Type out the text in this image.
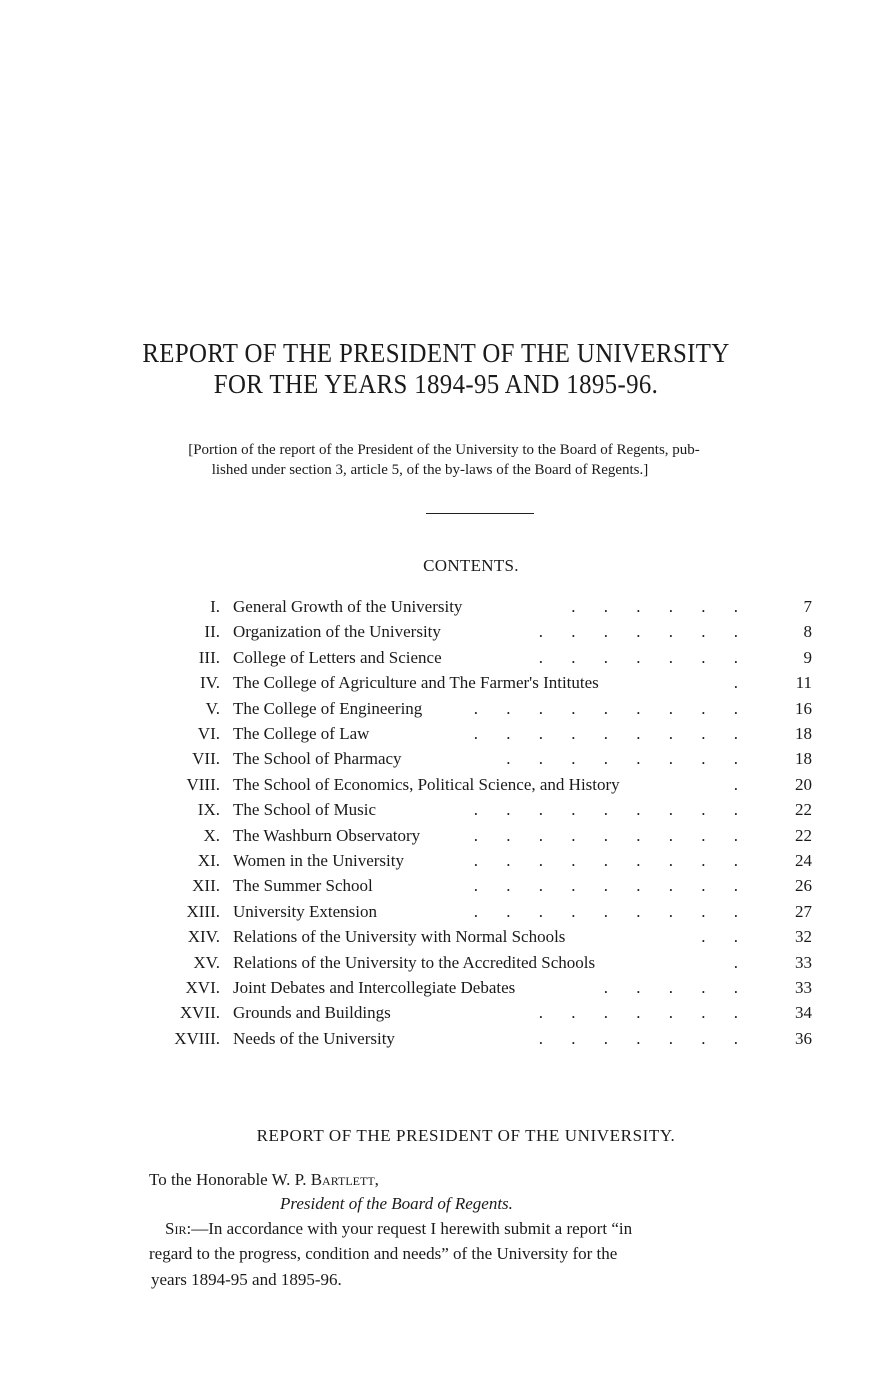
REPORT OF THE PRESIDENT OF THE UNIVERSITY
FOR THE YEARS 1894-95 AND 1895-96.
[Portion of the report of the President of the University to the Board of Regents, pub-
lished under section 3, article 5, of the by-laws of the Board of Regents.]
CONTENTS.
I. General Growth of the University	. . . . . .	7
II. Organization of the University	. . . . . . .	8
III. College of Letters and Science	. . . . . . .	9
IV. The College of Agriculture and The Farmer's Intitutes	.	11
V. The College of Engineering	. . . . . . . . .	16
VI. The College of Law	. . . . . . . . .	18
VII. The School of Pharmacy	. . . . . . . .	18
VIII. The School of Economics, Political Science, and History	.	20
IX. The School of Music	. . . . . . . . .	22
X. The Washburn Observatory	. . . . . . . . .	22
XI. Women in the University	. . . . . . . . .	24
XII. The Summer School	. . . . . . . . .	26
XIII. University Extension	. . . . . . . . .	27
XIV. Relations of the University with Normal Schools	. .	32
XV. Relations of the University to the Accredited Schools	.	33
XVI. Joint Debates and Intercollegiate Debates	. . . . .	33
XVII. Grounds and Buildings	. . . . . . .	34
XVIII. Needs of the University	. . . . . . .	36
REPORT OF THE PRESIDENT OF THE UNIVERSITY.
To the Honorable W. P. Bartlett,
President of the Board of Regents.
Sir:—In accordance with your request I herewith submit a report “in
regard to the progress, condition and needs” of the University for the
years 1894-95 and 1895-96.
